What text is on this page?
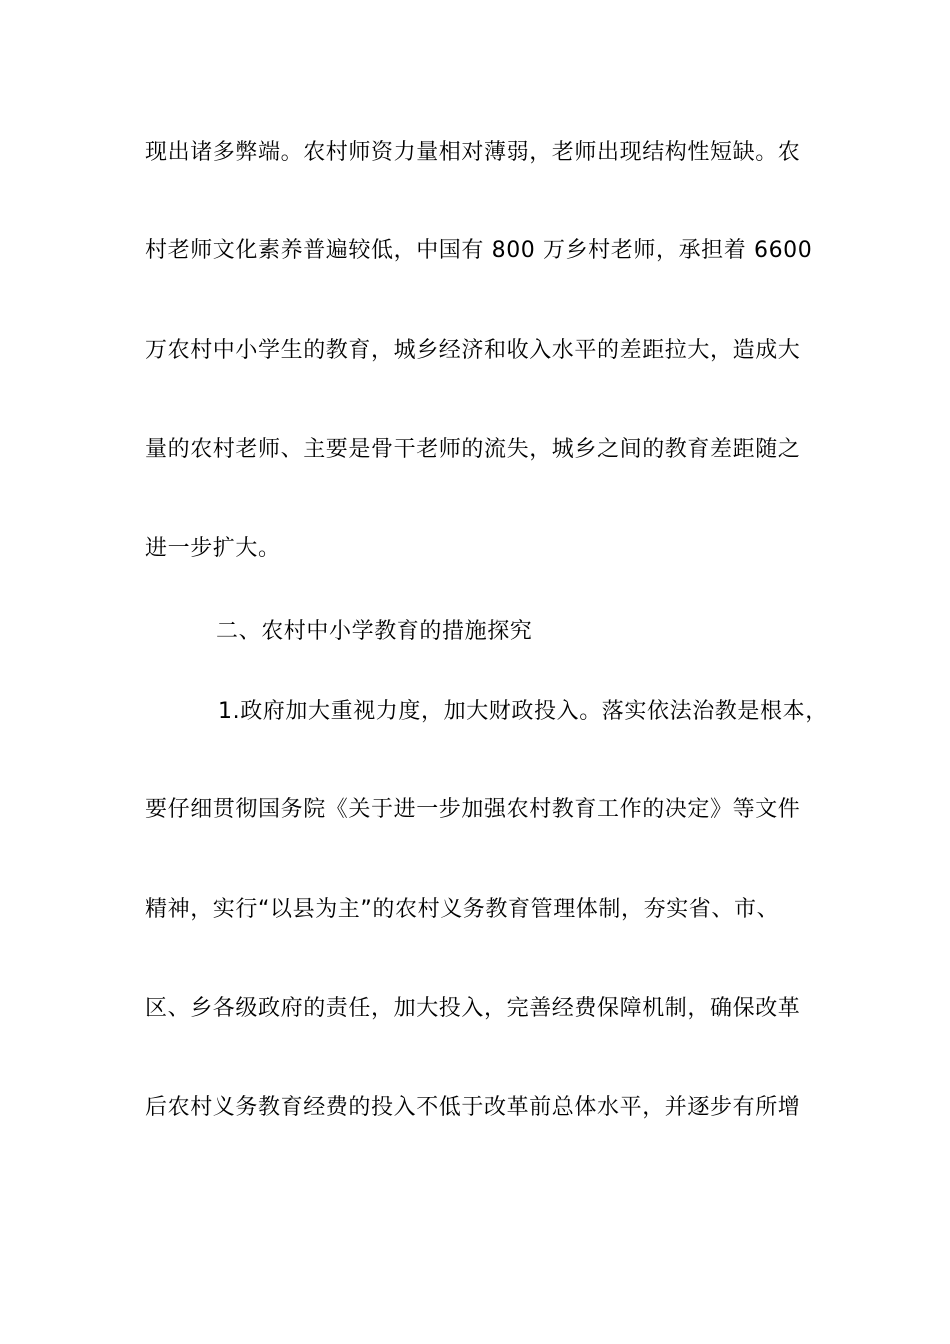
现出诸多弊端。农村师资力量相对薄弱，老师出现结构性短缺。农
村老师文化素养普遍较低，中国有 800 万乡村老师，承担着 6600
万农村中小学生的教育，城乡经济和收入水平的差距拉大，造成大
量的农村老师、主要是骨干老师的流失，城乡之间的教育差距随之
进一步扩大。
二、农村中小学教育的措施探究
1.政府加大重视力度，加大财政投入。落实依法治教是根本，
要仔细贯彻国务院《关于进一步加强农村教育工作的决定》等文件
精神，实行“以县为主”的农村义务教育管理体制，夯实省、市、
区、乡各级政府的责任，加大投入，完善经费保障机制，确保改革
后农村义务教育经费的投入不低于改革前总体水平，并逐步有所增
